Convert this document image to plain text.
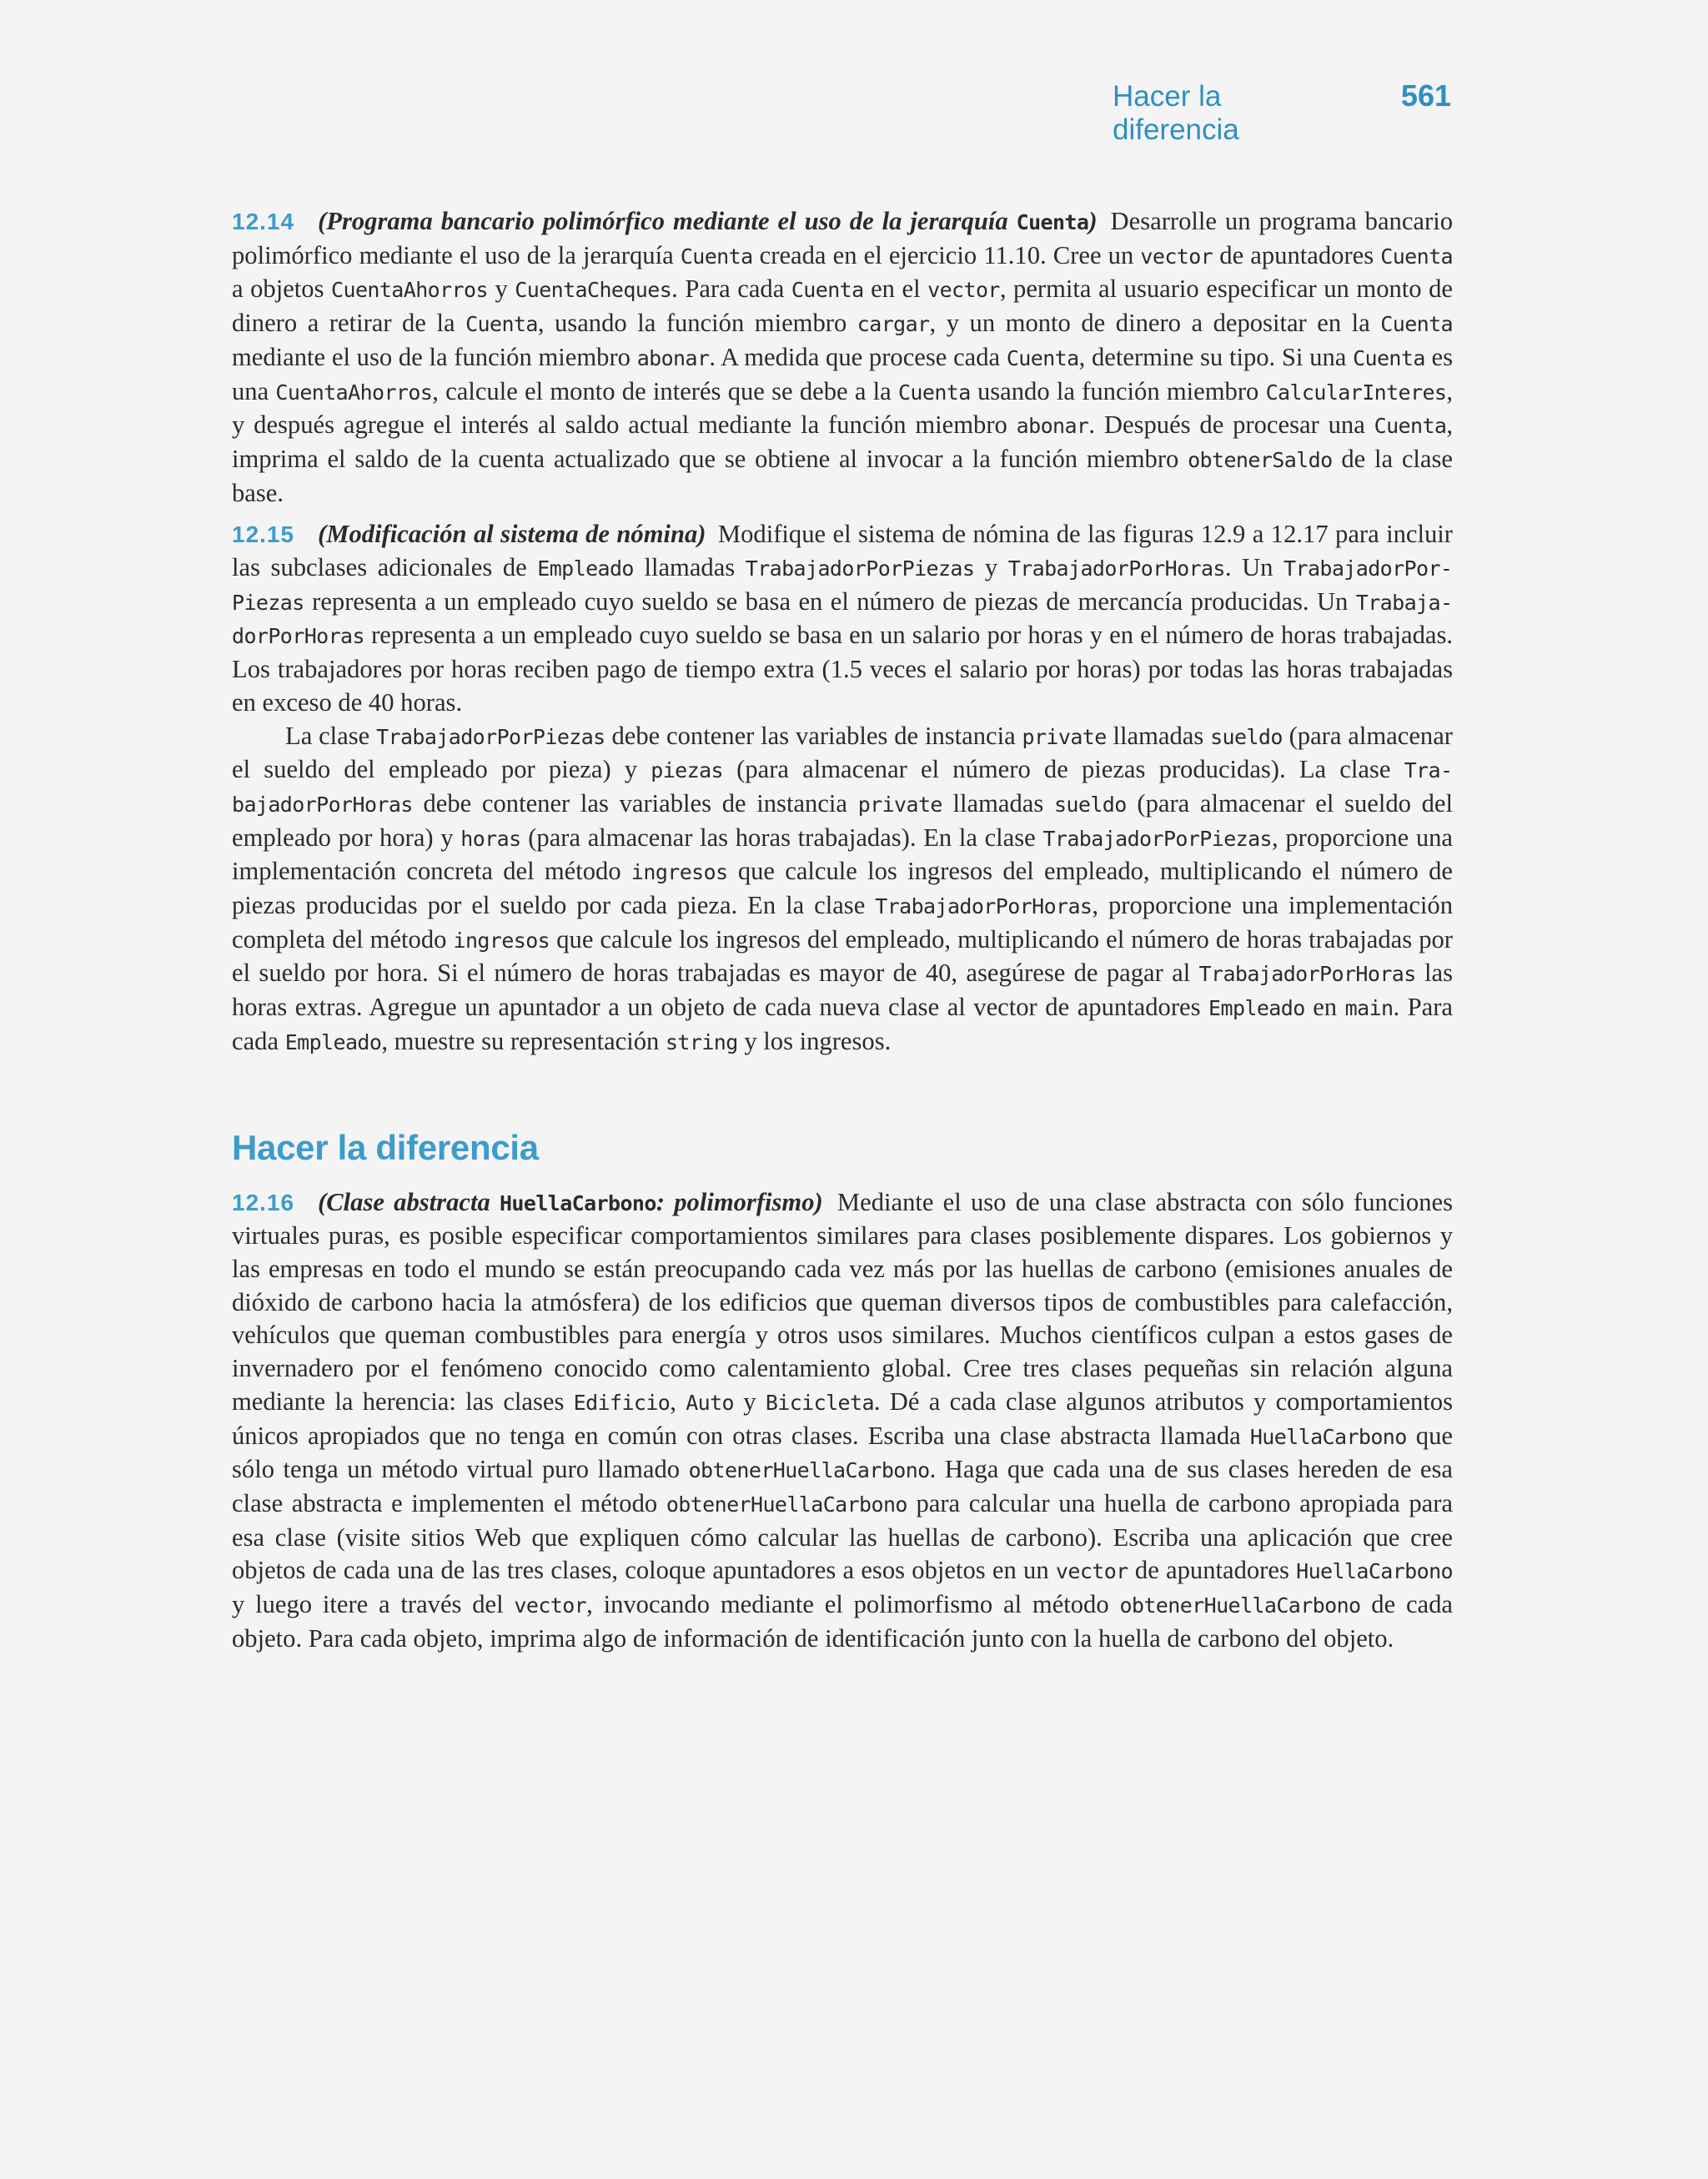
Hacer la diferencia
561

12.14 (Programa bancario polimórfico mediante el uso de la jerarquía Cuenta) Desarrolle un programa bancario polimórfico mediante el uso de la jerarquía Cuenta creada en el ejercicio 11.10. Cree un vector de apuntadores Cuenta a objetos CuentaAhorros y CuentaCheques. Para cada Cuenta en el vector, permita al usuario especificar un monto de dinero a retirar de la Cuenta, usando la función miembro cargar, y un monto de dinero a depositar en la Cuenta mediante el uso de la función miembro abonar. A medida que procese cada Cuenta, determine su tipo. Si una Cuenta es una CuentaAhorros, calcule el monto de interés que se debe a la Cuenta usando la función miembro CalcularInteres, y después agregue el interés al saldo actual mediante la función miembro abonar. Después de procesar una Cuenta, imprima el saldo de la cuenta actualizado que se obtiene al invocar a la función miembro obtenerSaldo de la clase base.

12.15 (Modificación al sistema de nómina) Modifique el sistema de nómina de las figuras 12.9 a 12.17 para incluir las subclases adicionales de Empleado llamadas TrabajadorPorPiezas y TrabajadorPorHoras. Un TrabajadorPorPiezas representa a un empleado cuyo sueldo se basa en el número de piezas de mercancía producidas. Un TrabajadorPorHoras representa a un empleado cuyo sueldo se basa en un salario por horas y en el número de horas trabajadas. Los trabajadores por horas reciben pago de tiempo extra (1.5 veces el salario por horas) por todas las horas trabajadas en exceso de 40 horas.

La clase TrabajadorPorPiezas debe contener las variables de instancia private llamadas sueldo (para almacenar el sueldo del empleado por pieza) y piezas (para almacenar el número de piezas producidas). La clase TrabajadorPorHoras debe contener las variables de instancia private llamadas sueldo (para almacenar el sueldo del empleado por hora) y horas (para almacenar las horas trabajadas). En la clase TrabajadorPorPiezas, proporcione una implementación concreta del método ingresos que calcule los ingresos del empleado, multiplicando el número de piezas producidas por el sueldo por cada pieza. En la clase TrabajadorPorHoras, proporcione una implementación completa del método ingresos que calcule los ingresos del empleado, multiplicando el número de horas trabajadas por el sueldo por hora. Si el número de horas trabajadas es mayor de 40, asegúrese de pagar al TrabajadorPorHoras las horas extras. Agregue un apuntador a un objeto de cada nueva clase al vector de apuntadores Empleado en main. Para cada Empleado, muestre su representación string y los ingresos.

Hacer la diferencia

12.16 (Clase abstracta HuellaCarbono: polimorfismo) Mediante el uso de una clase abstracta con sólo funciones virtuales puras, es posible especificar comportamientos similares para clases posiblemente dispares. Los gobiernos y las empresas en todo el mundo se están preocupando cada vez más por las huellas de carbono (emisiones anuales de dióxido de carbono hacia la atmósfera) de los edificios que queman diversos tipos de combustibles para calefacción, vehículos que queman combustibles para energía y otros usos similares. Muchos científicos culpan a estos gases de invernadero por el fenómeno conocido como calentamiento global. Cree tres clases pequeñas sin relación alguna mediante la herencia: las clases Edificio, Auto y Bicicleta. Dé a cada clase algunos atributos y comportamientos únicos apropiados que no tenga en común con otras clases. Escriba una clase abstracta llamada HuellaCarbono que sólo tenga un método virtual puro llamado obtenerHuellaCarbono. Haga que cada una de sus clases hereden de esa clase abstracta e implementen el método obtenerHuellaCarbono para calcular una huella de carbono apropiada para esa clase (visite sitios Web que expliquen cómo calcular las huellas de carbono). Escriba una aplicación que cree objetos de cada una de las tres clases, coloque apuntadores a esos objetos en un vector de apuntadores HuellaCarbono y luego itere a través del vector, invocando mediante el polimorfismo al método obtenerHuellaCarbono de cada objeto. Para cada objeto, imprima algo de información de identificación junto con la huella de carbono del objeto.
